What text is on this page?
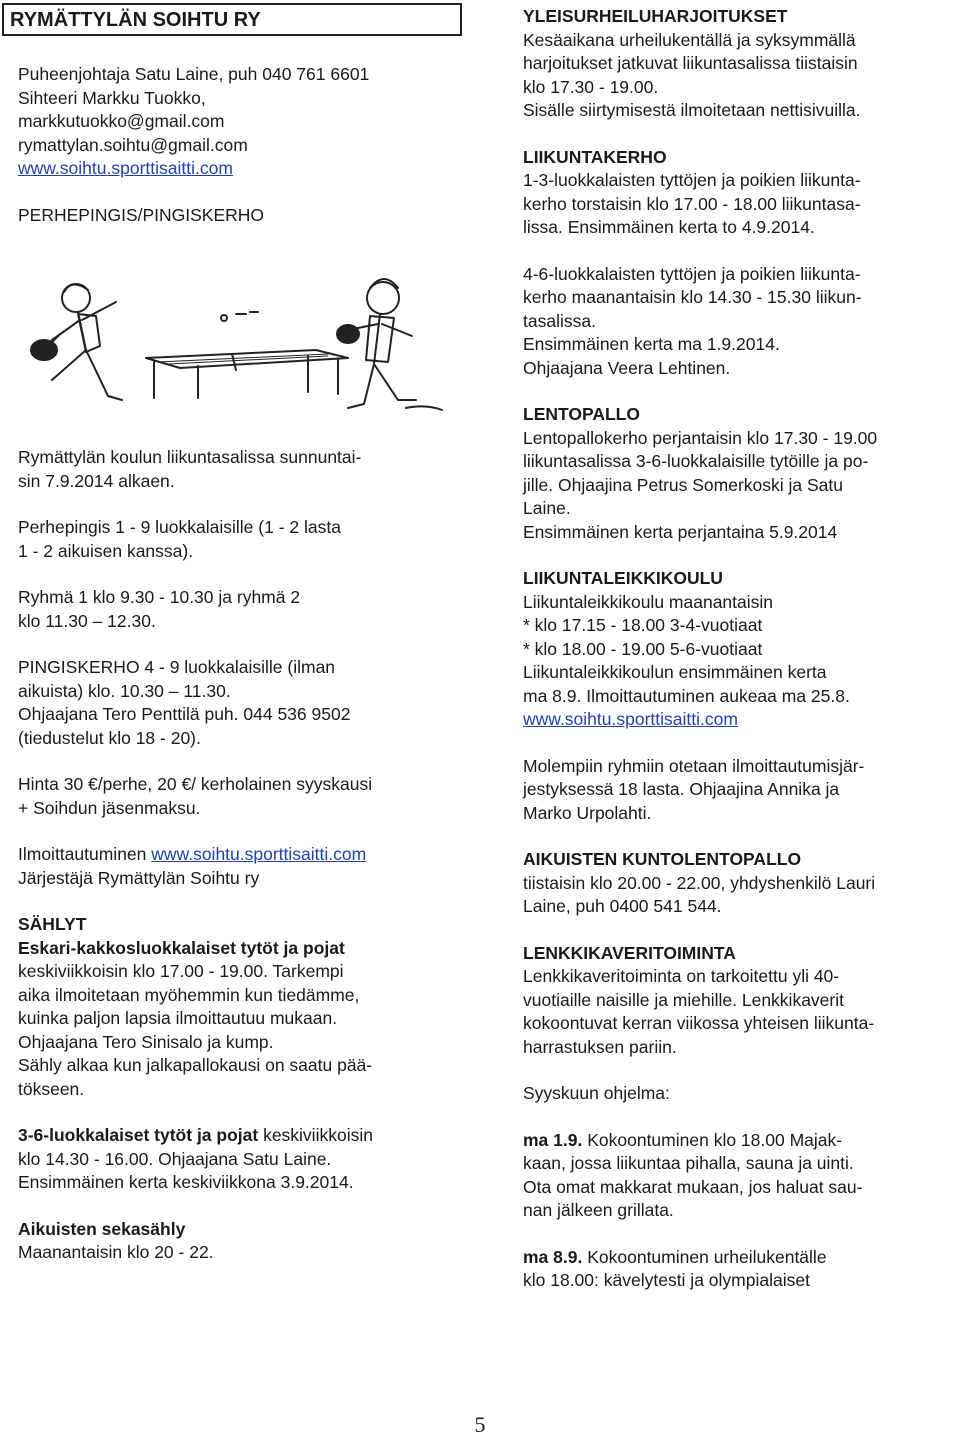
RYMÄTTYLÄN SOIHTU RY
Puheenjohtaja Satu Laine, puh 040 761 6601
Sihteeri Markku Tuokko,
markkutuokko@gmail.com
rymattylan.soihtu@gmail.com
www.soihtu.sporttisaitti.com
PERHEPINGIS/PINGISKERHO
Rymättylän koulun liikuntasalissa sunnuntai-
sin 7.9.2014 alkaen.
Perhepingis 1 - 9 luokkalaisille (1 - 2 lasta
1 - 2 aikuisen kanssa).
Ryhmä 1 klo 9.30 - 10.30 ja ryhmä 2
klo 11.30 – 12.30.
PINGISKERHO 4 - 9 luokkalaisille (ilman
aikuista) klo. 10.30 – 11.30.
Ohjaajana Tero Penttilä puh. 044 536 9502
(tiedustelut klo 18 - 20).
Hinta 30 €/perhe, 20 €/ kerholainen syyskausi
+ Soihdun jäsenmaksu.
Ilmoittautuminen www.soihtu.sporttisaitti.com
Järjestäjä Rymättylän Soihtu ry
SÄHLYT
Eskari-kakkosluokkalaiset tytöt ja pojat
keskiviikkoisin klo 17.00 - 19.00. Tarkempi
aika ilmoitetaan myöhemmin kun tiedämme,
kuinka paljon lapsia ilmoittautuu mukaan.
Ohjaajana Tero Sinisalo ja kump.
Sähly alkaa kun jalkapallokausi on saatu pää-
tökseen.
3-6-luokkalaiset tytöt ja pojat keskiviikkoisin
klo 14.30 - 16.00. Ohjaajana Satu Laine.
Ensimmäinen kerta keskiviikkona 3.9.2014.
Aikuisten sekasähly
Maanantaisin klo 20 - 22.
YLEISURHEILUHARJOITUKSET
Kesäaikana urheilukentällä ja syksymmällä
harjoitukset jatkuvat liikuntasalissa tiistaisin
klo 17.30 - 19.00.
Sisälle siirtymisestä ilmoitetaan nettisivuilla.
LIIKUNTAKERHO
1-3-luokkalaisten tyttöjen ja poikien liikunta-
kerho torstaisin klo 17.00 - 18.00 liikuntasa-
lissa. Ensimmäinen kerta to 4.9.2014.
4-6-luokkalaisten tyttöjen ja poikien liikunta-
kerho maanantaisin klo 14.30 - 15.30 liikun-
tasalissa.
Ensimmäinen kerta ma 1.9.2014.
Ohjaajana Veera Lehtinen.
LENTOPALLO
Lentopallokerho perjantaisin klo 17.30 - 19.00
liikuntasalissa 3-6-luokkalaisille tytöille ja po-
jille. Ohjaajina Petrus Somerkoski ja Satu
Laine.
Ensimmäinen kerta perjantaina 5.9.2014
LIIKUNTALEIKKIKOULU
Liikuntaleikkikoulu maanantaisin
* klo 17.15 - 18.00 3-4-vuotiaat
* klo 18.00 - 19.00 5-6-vuotiaat
Liikuntaleikkikoulun ensimmäinen kerta
ma 8.9. Ilmoittautuminen aukeaa ma 25.8.
www.soihtu.sporttisaitti.com
Molempiin ryhmiin otetaan ilmoittautumisjär-
jestyksessä 18 lasta. Ohjaajina Annika ja
Marko Urpolahti.
AIKUISTEN KUNTOLENTOPALLO
tiistaisin klo 20.00 - 22.00, yhdyshenkilö Lauri
Laine, puh 0400 541 544.
LENKKIKAVERITOIMINTA
Lenkkikaveritoiminta on tarkoitettu yli 40-
vuotiaille naisille ja miehille. Lenkkikaverit
kokoontuvat kerran viikossa yhteisen liikunta-
harrastuksen pariin.
Syyskuun ohjelma:
ma 1.9. Kokoontuminen klo 18.00 Majak-
kaan, jossa liikuntaa pihalla, sauna ja uinti.
Ota omat makkarat mukaan, jos haluat sau-
nan jälkeen grillata.
ma 8.9. Kokoontuminen urheilukentälle
klo 18.00: kävelytesti ja olympialaiset
5
